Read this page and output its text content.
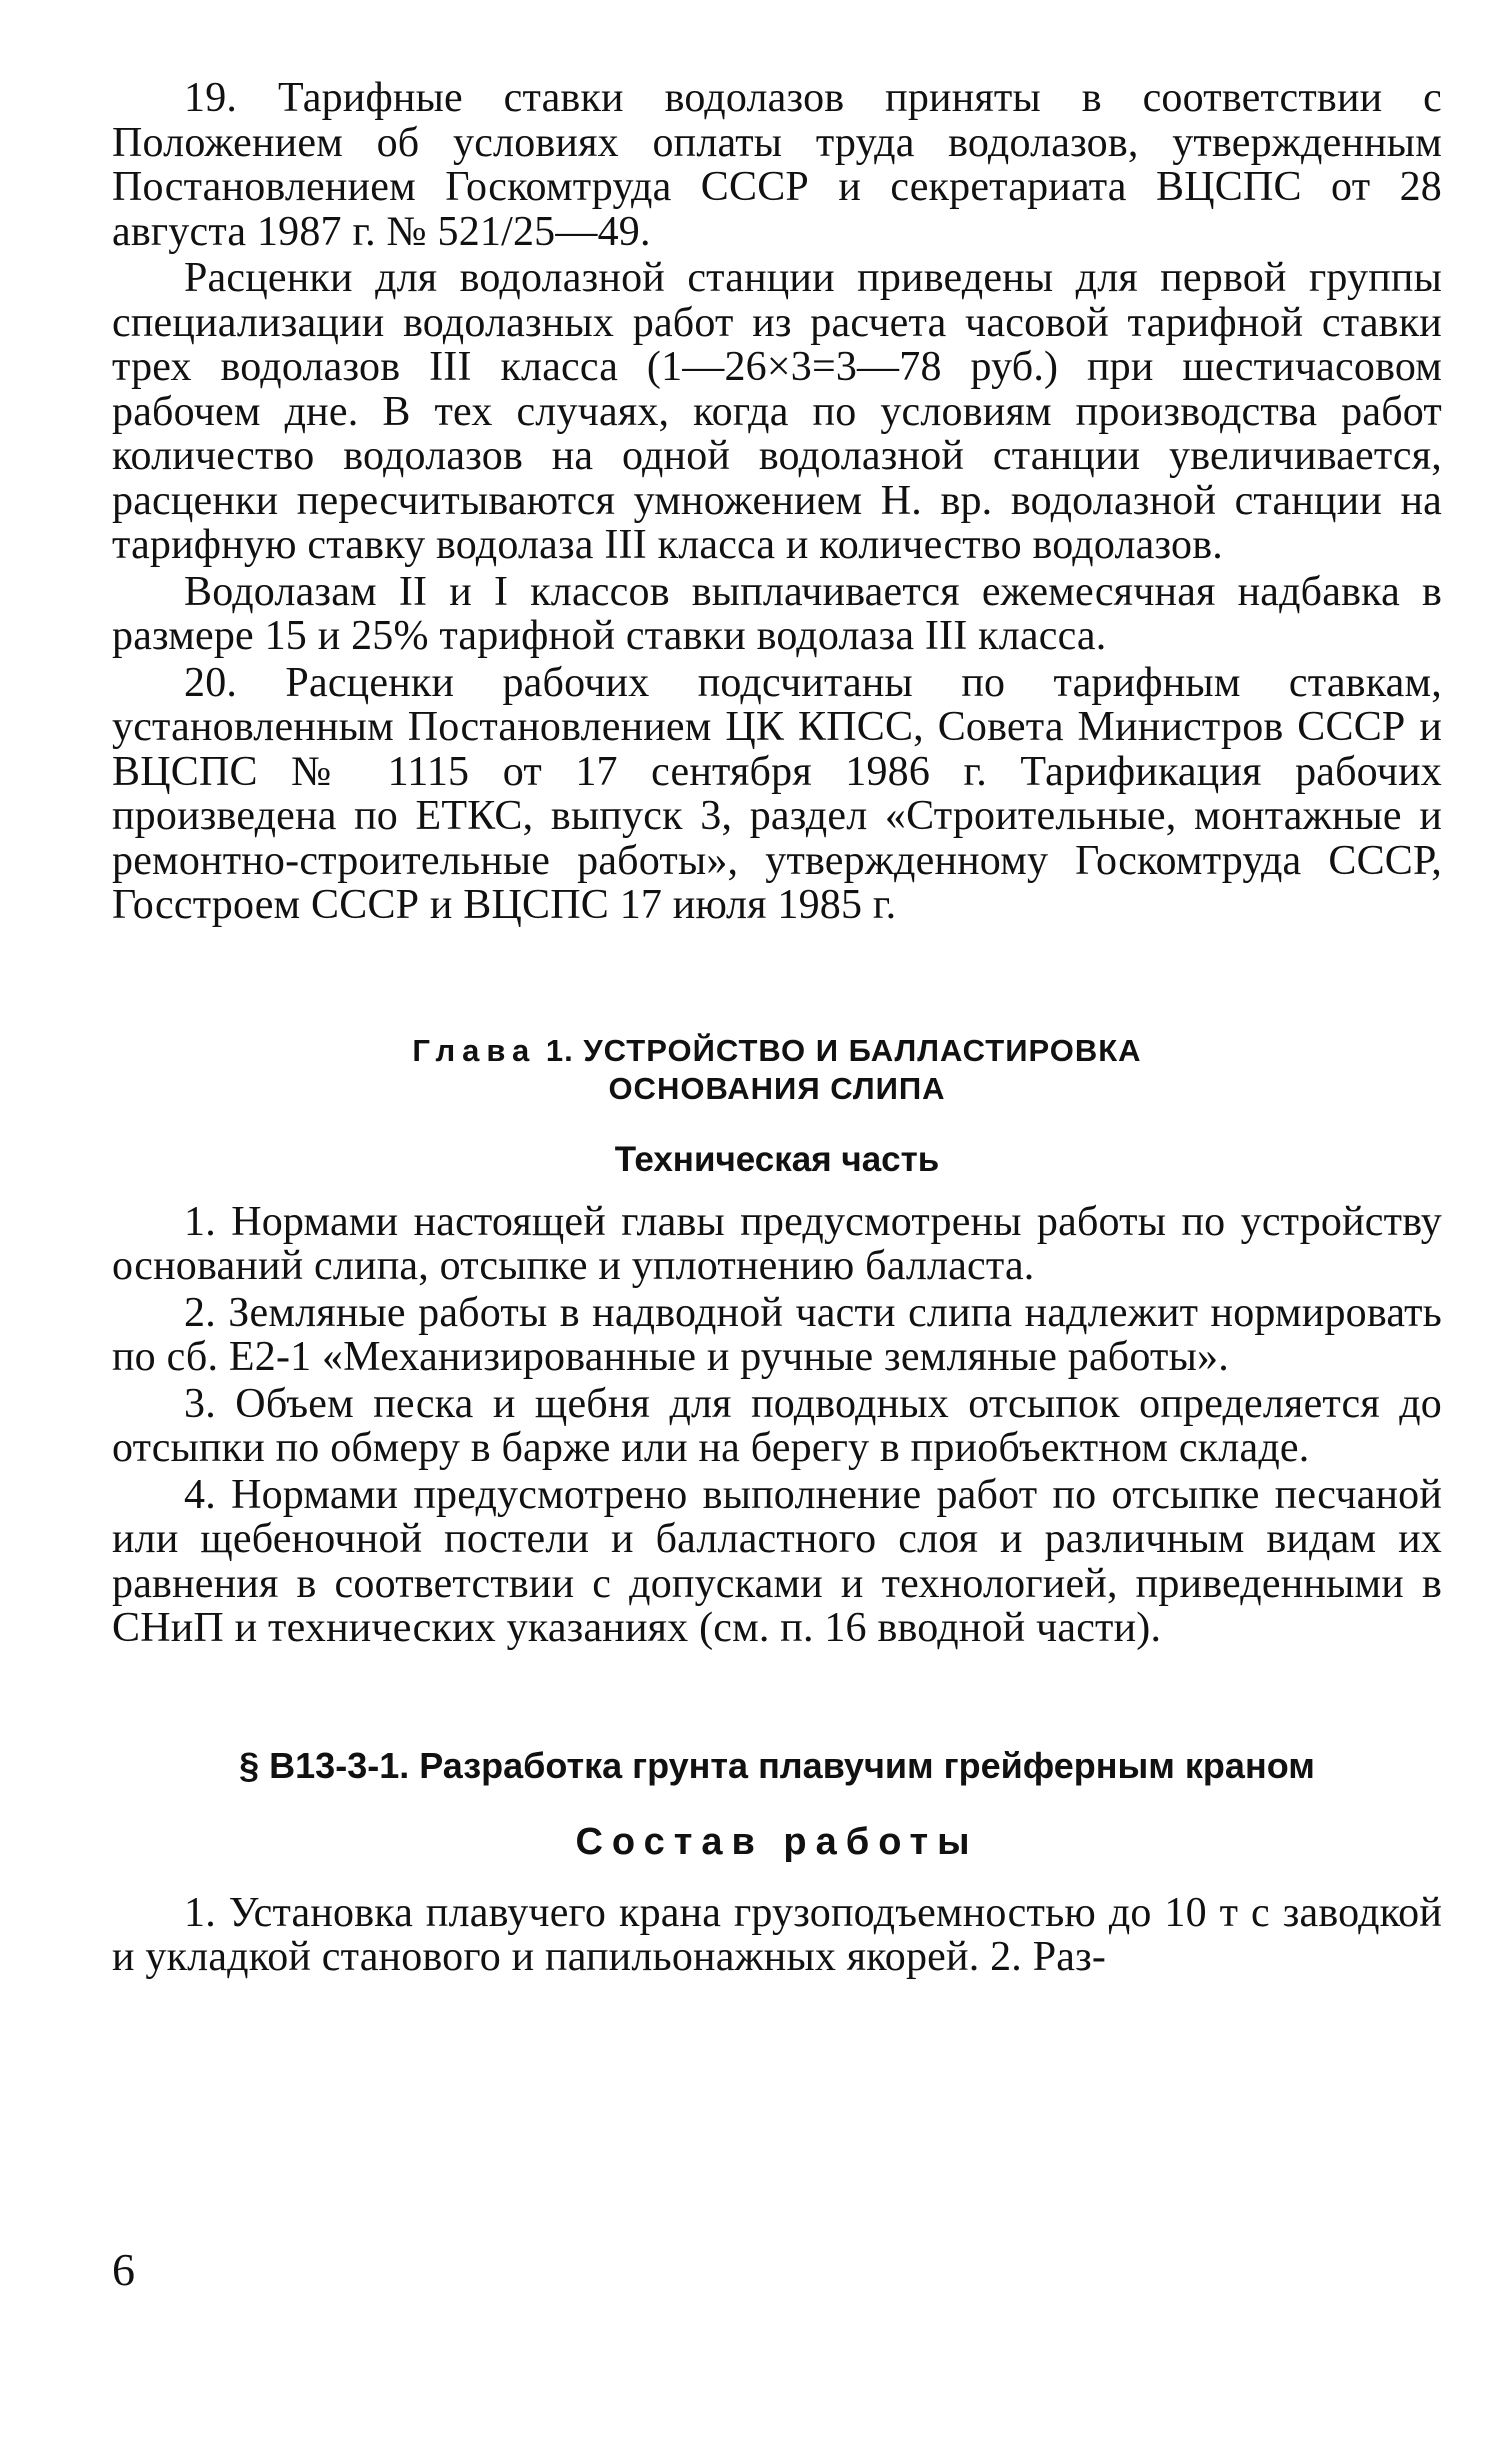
19. Тарифные ставки водолазов приняты в соответствии с Положением об условиях оплаты труда водолазов, утвержденным Постановлением Госкомтруда СССР и секретариата ВЦСПС от 28 августа 1987 г. № 521/25—49.

Расценки для водолазной станции приведены для первой группы специализации водолазных работ из расчета часовой тарифной ставки трех водолазов III класса (1—26×3=3—78 руб.) при шестичасовом рабочем дне. В тех случаях, когда по условиям производства работ количество водолазов на одной водолазной станции увеличивается, расценки пересчитываются умножением Н. вр. водолазной станции на тарифную ставку водолаза III класса и количество водолазов.

Водолазам II и I классов выплачивается ежемесячная надбавка в размере 15 и 25% тарифной ставки водолаза III класса.

20. Расценки рабочих подсчитаны по тарифным ставкам, установленным Постановлением ЦК КПСС, Совета Министров СССР и ВЦСПС № 1115 от 17 сентября 1986 г. Тарификация рабочих произведена по ЕТКС, выпуск 3, раздел «Строительные, монтажные и ремонтно-строительные работы», утвержденному Госкомтруда СССР, Госстроем СССР и ВЦСПС 17 июля 1985 г.

Глава 1. УСТРОЙСТВО И БАЛЛАСТИРОВКА
ОСНОВАНИЯ СЛИПА
Техническая часть

1. Нормами настоящей главы предусмотрены работы по устройству оснований слипа, отсыпке и уплотнению балласта.

2. Земляные работы в надводной части слипа надлежит нормировать по сб. Е2-1 «Механизированные и ручные земляные работы».

3. Объем песка и щебня для подводных отсыпок определяется до отсыпки по обмеру в барже или на берегу в приобъектном складе.

4. Нормами предусмотрено выполнение работ по отсыпке песчаной или щебеночной постели и балластного слоя и различным видам их равнения в соответствии с допусками и технологией, приведенными в СНиП и технических указаниях (см. п. 16 вводной части).

§ В13-3-1. Разработка грунта плавучим грейферным краном
Состав работы

1. Установка плавучего крана грузоподъемностью до 10 т с заводкой и укладкой станового и папильонажных якорей. 2. Раз-

6
